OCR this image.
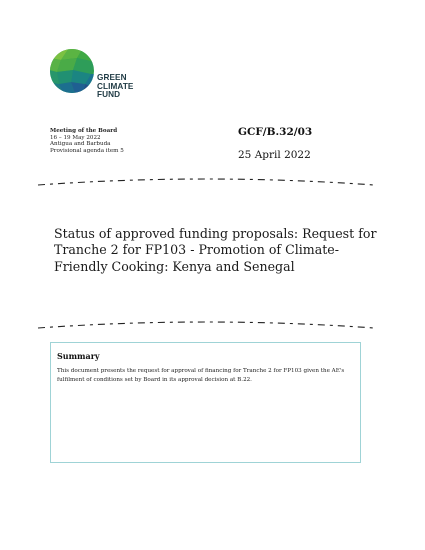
GREEN
CLIMATE
FUND
Meeting of the Board
16 – 19 May 2022
Antigua and Barbuda
Provisional agenda item 5
GCF/B.32/03
25 April 2022
Status of approved funding proposals: Request for Tranche 2 for FP103 - Promotion of Climate-Friendly Cooking: Kenya and Senegal
Summary
This document presents the request for approval of financing for Tranche 2 for FP103 given the AE's fulfilment of conditions set by Board in its approval decision at B.22.
